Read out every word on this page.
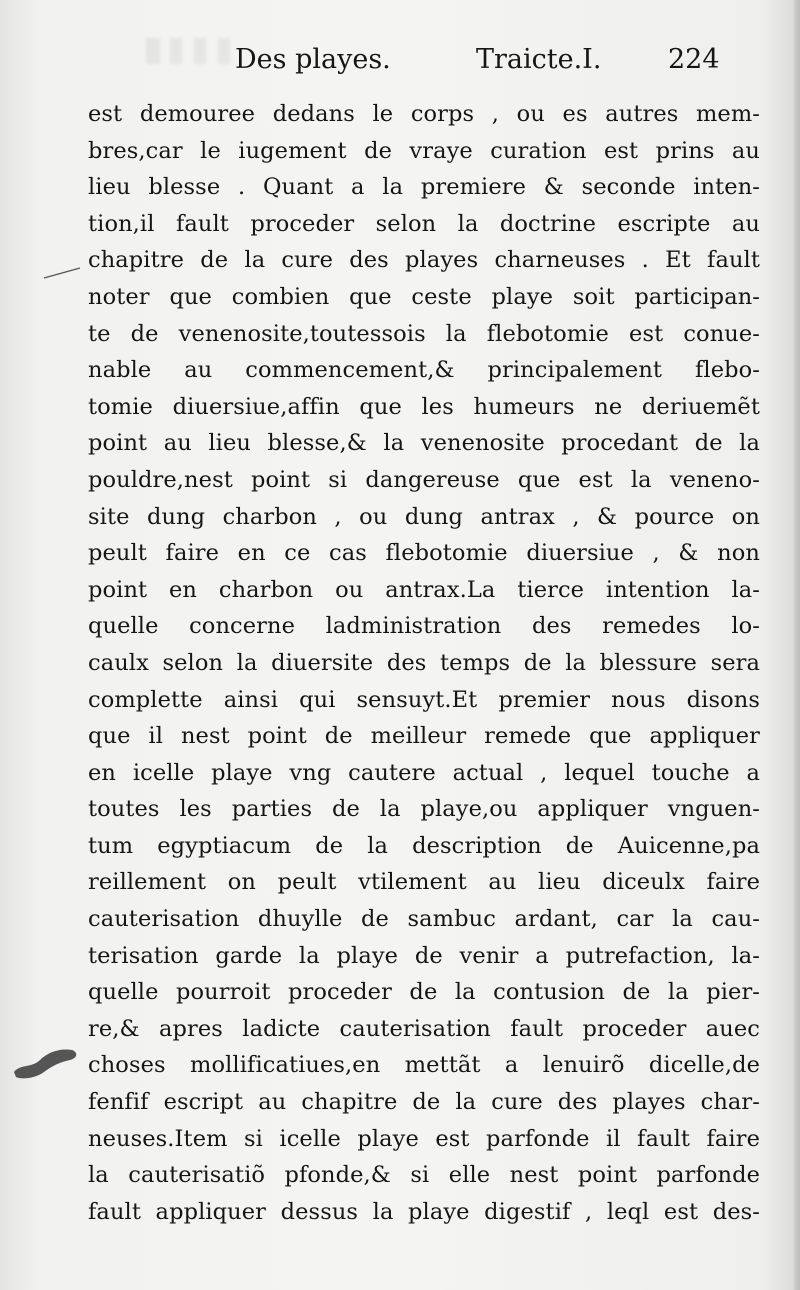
Des playes.	Traicte.I. 224
est demouree dedans le corps , ou es autres mem-
bres,car le iugement de vraye curation est prins au
lieu blesse . Quant a la premiere & seconde inten-
tion,il fault proceder selon la doctrine escripte au
chapitre de la cure des playes charneuses . Et fault
noter que combien que ceste playe soit participan-
te de venenosite,toutessois la flebotomie est conue-
nable au commencement,& principalement flebo-
tomie diuersiue,affin que les humeurs ne deriuemẽt
point au lieu blesse,& la venenosite procedant de la
pouldre,nest point si dangereuse que est la veneno-
site dung charbon , ou dung antrax , & pource on
peult faire en ce cas flebotomie diuersiue , & non
point en charbon ou antrax.La tierce intention la-
quelle concerne ladministration des remedes lo-
caulx selon la diuersite des temps de la blessure sera
complette ainsi qui sensuyt.Et premier nous disons
que il nest point de meilleur remede que appliquer
en icelle playe vng cautere actual , lequel touche a
toutes les parties de la playe,ou appliquer vnguen-
tum egyptiacum de la description de Auicenne,pa
reillement on peult vtilement au lieu diceulx faire
cauterisation dhuylle de sambuc ardant, car la cau-
terisation garde la playe de venir a putrefaction, la-
quelle pourroit proceder de la contusion de la pier-
re,& apres ladicte cauterisation fault proceder auec
choses mollificatiues,en mettãt a lenuirõ dicelle,de
fenfif escript au chapitre de la cure des playes char-
neuses.Item si icelle playe est parfonde il fault faire
la cauterisatiõ pfonde,& si elle nest point parfonde
fault appliquer dessus la playe digestif , leql est des-
